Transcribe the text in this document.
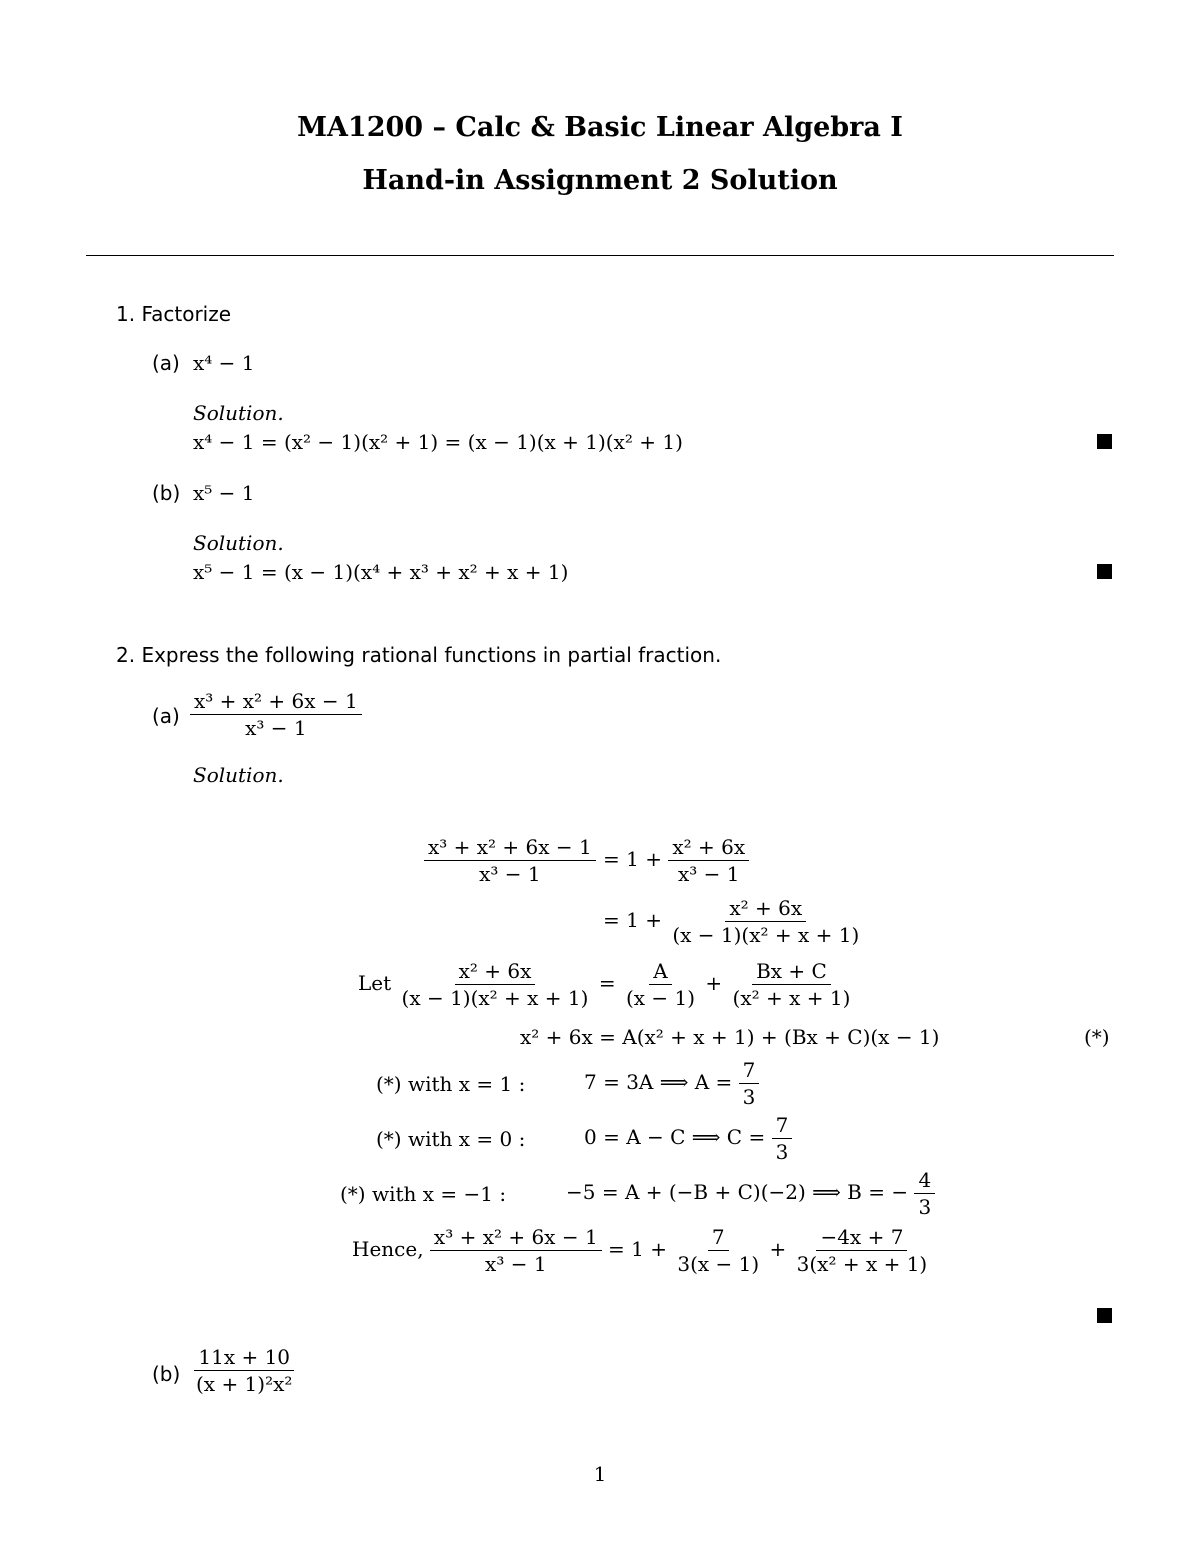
MA1200 – Calc & Basic Linear Algebra I
Hand-in Assignment 2 Solution
1. Factorize
(a) x⁴ − 1
Solution.
x⁴ − 1 = (x² − 1)(x² + 1) = (x − 1)(x + 1)(x² + 1)
(b) x⁵ − 1
Solution.
x⁵ − 1 = (x − 1)(x⁴ + x³ + x² + x + 1)
2. Express the following rational functions in partial fraction.
$(a) \frac{\text{x³ + x² + 6x − 1}}{\text{x³ − 1}}$
Solution.
$\frac{\text{x³ + x² + 6x − 1}}{\text{x³ − 1}} = 1 + \frac{\text{x² + 6x}}{\text{x³ − 1}}$
= $1 + \frac{\text{x² + 6x}}{\text{(x − 1)(x² + x + 1)}}$
Let $\frac{\text{x² + 6x}}{\text{(x − 1)(x² + x + 1)}} = \frac{A}{(x - 1)} + \frac{Bx + C}{\text{(x² + x + 1)}}$
x² + 6x = A(x² + x + 1) + (Bx + C)(x − 1)	(*)
(*) with x = 1 :	7 = 3A ⟹ $A = \frac{7}{3}$
(*) with x = 0 :	0 = A − C ⟹ $C = \frac{7}{3}$
(*) with x = −1 :	−5 = A + (−B + C)(−2) ⟹ B = − $\frac{4}{3}$
Hence, $\frac{\text{x³ + x² + 6x − 1}}{\text{x³ − 1}} = 1 + \frac{7}{3(x - 1)} + \frac{-4x + 7}{\text{3(x² + x + 1)}}$
$(b) \frac{11x + 10}{\text{(x + 1)²x²}}$
1
